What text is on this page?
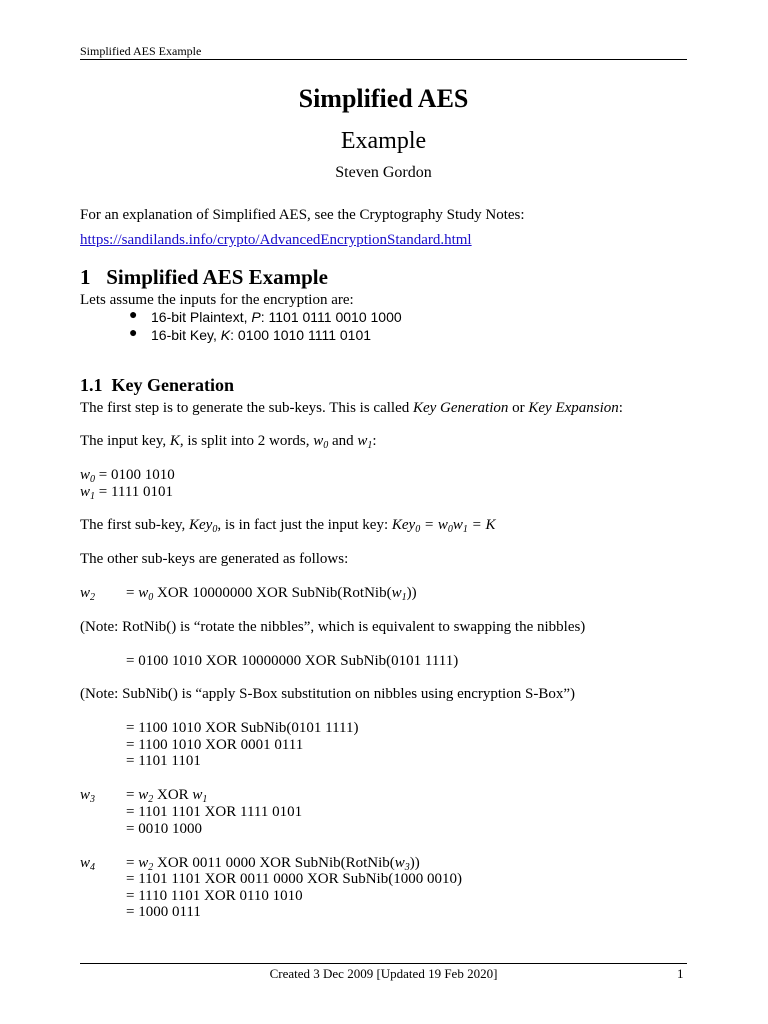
Simplified AES Example
Simplified AES
Example
Steven Gordon
For an explanation of Simplified AES, see the Cryptography Study Notes:
https://sandilands.info/crypto/AdvancedEncryptionStandard.html
1 Simplified AES Example
Lets assume the inputs for the encryption are:
● 16-bit Plaintext, P: 1101 0111 0010 1000
● 16-bit Key, K: 0100 1010 1111 0101
1.1 Key Generation
The first step is to generate the sub-keys. This is called Key Generation or Key Expansion:
The input key, K, is split into 2 words, $w_0$ and $w_1$:
$w_0 = 0100$ 1010
$w_1 = 1111$ 0101
The first sub-key, Key$_0$, is in fact just the input key: $Key_0 = w_0w_1 = K$
The other sub-keys are generated as follows:
$w_2 = w_0$ XOR 10000000 XOR $SubNib(RotNib(w_1))$
(Note: RotNib() is “rotate the nibbles”, which is equivalent to swapping the nibbles)
= 0100 1010 XOR 10000000 XOR SubNib(0101 1111)
(Note: SubNib() is “apply S-Box substitution on nibbles using encryption S-Box”)
= 1100 1010 XOR SubNib(0101 1111)
= 1100 1010 XOR 0001 0111
= 1101 1101
$w_3 = w_2$ XOR $w_1$
= 1101 1101 XOR 1111 0101
= 0010 1000
$w_4 = w_2$ XOR 0011 0000 XOR $SubNib(RotNib(w_3))$
= 1101 1101 XOR 0011 0000 XOR SubNib(1000 0010)
= 1110 1101 XOR 0110 1010
= 1000 0111
Created 3 Dec 2009 [Updated 19 Feb 2020]	1
